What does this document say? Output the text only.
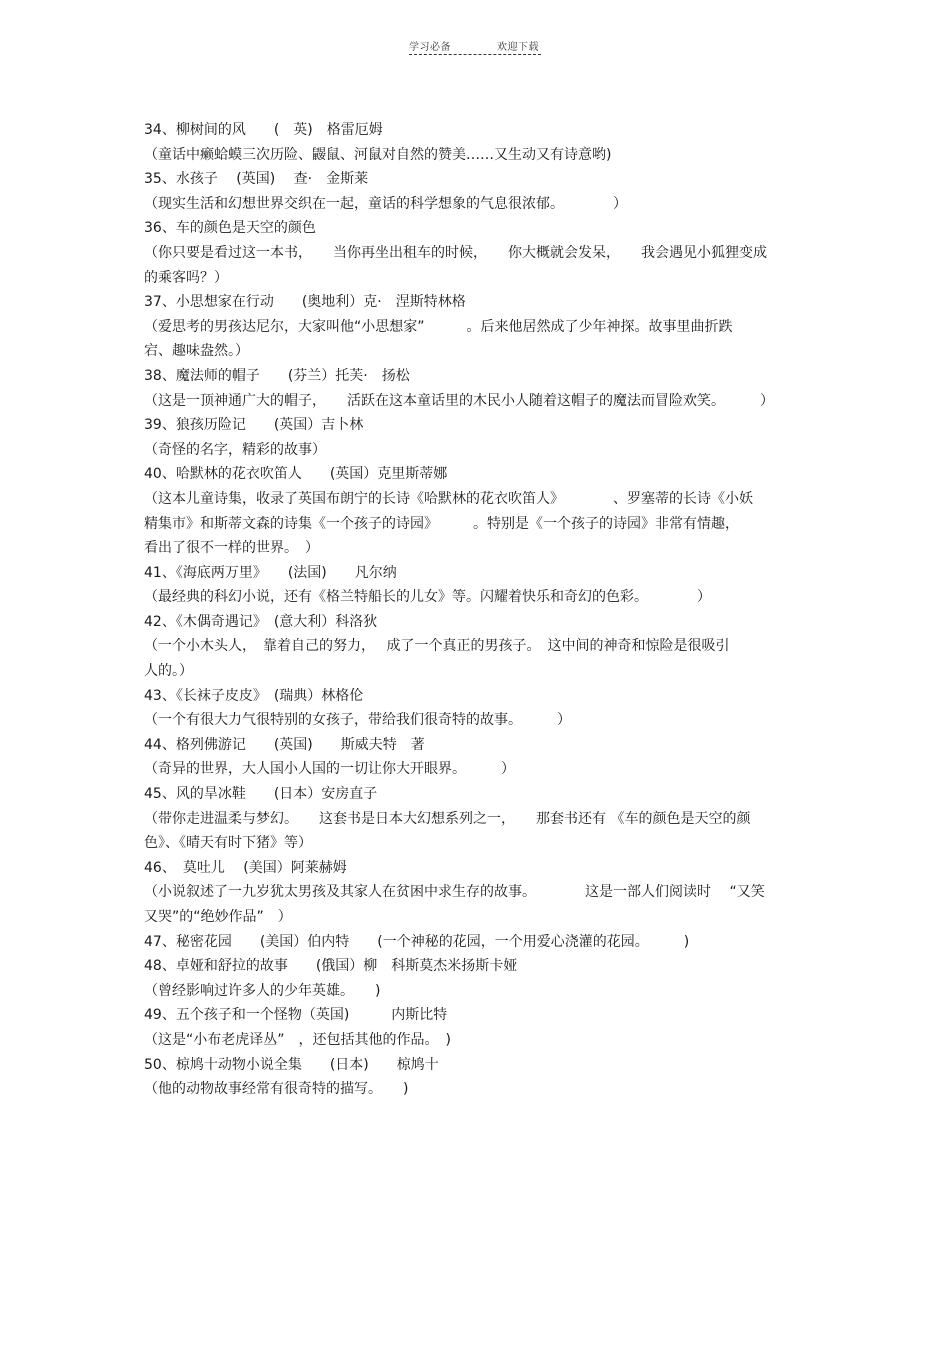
学习必备	欢迎下载

34、柳树间的风　　(　英)　格雷厄姆

（童话中癞蛤蟆三次历险、鼹鼠、河鼠对自然的赞美……又生动又有诗意哟)

35、水孩子　 (英国)　 查·　金斯莱

（现实生活和幻想世界交织在一起，童话的科学想象的气息很浓郁。　　　　）

36、车的颜色是天空的颜色

（你只要是看过这一本书，　　当你再坐出租车的时候，　　你大概就会发呆，　　我会遇见小狐狸变成

的乘客吗？）

37、小思想家在行动　　(奥地利）克·　涅斯特林格

（爱思考的男孩达尼尔，大家叫他“小思想家”　　　。后来他居然成了少年神探。故事里曲折跌

宕、趣味盎然。）

38、魔法师的帽子　　(芬兰）托芙·　扬松

（这是一顶神通广大的帽子，　　活跃在这本童话里的木民小人随着这帽子的魔法而冒险欢笑。　　　）

39、狼孩历险记　　(英国）吉卜林

（奇怪的名字，精彩的故事）

40、哈默林的花衣吹笛人　　(英国）克里斯蒂娜

（这本儿童诗集，收录了英国布朗宁的长诗《哈默林的花衣吹笛人》　　　　、罗塞蒂的长诗《小妖

精集市》和斯蒂文森的诗集《一个孩子的诗园》　　　。特别是《一个孩子的诗园》非常有情趣，

看出了很不一样的世界。　）

41、《海底两万里》　　(法国)　　凡尔纳

（最经典的科幻小说，还有《格兰特船长的儿女》等。闪耀着快乐和奇幻的色彩。　　　　）

42、《木偶奇遇记》　(意大利）科洛狄

（一个小木头人，　靠着自己的努力，　 成了一个真正的男孩子。　这中间的神奇和惊险是很吸引

人的。）

43、《长袜子皮皮》　(瑞典）林格伦

（一个有很大力气很特别的女孩子，带给我们很奇特的故事。　　　）

44、格列佛游记　　(英国)　　斯威夫特　著

（奇异的世界，大人国小人国的一切让你大开眼界。　　　）

45、风的旱冰鞋　　(日本）安房直子

（带你走进温柔与梦幻。　　这套书是日本大幻想系列之一，　　那套书还有 《车的颜色是天空的颜

色》、《晴天有时下猪》等）

46、　莫吐儿　 (美国）阿莱赫姆

（小说叙述了一九岁犹太男孩及其家人在贫困中求生存的故事。　　　　这是一部人们阅读时　 “又笑

又哭”的“绝妙作品”　）

47、秘密花园　　(美国）伯内特　　(一个神秘的花园，一个用爱心浇灌的花园。　　　)

48、卓娅和舒拉的故事　　(俄国）柳　科斯莫杰米扬斯卡娅

（曾经影响过许多人的少年英雄。　　)

49、五个孩子和一个怪物（英国)　　　内斯比特

（这是“小布老虎译丛”　，还包括其他的作品。　)

50、椋鸠十动物小说全集　　(日本)　　椋鸠十

（他的动物故事经常有很奇特的描写。　　)
